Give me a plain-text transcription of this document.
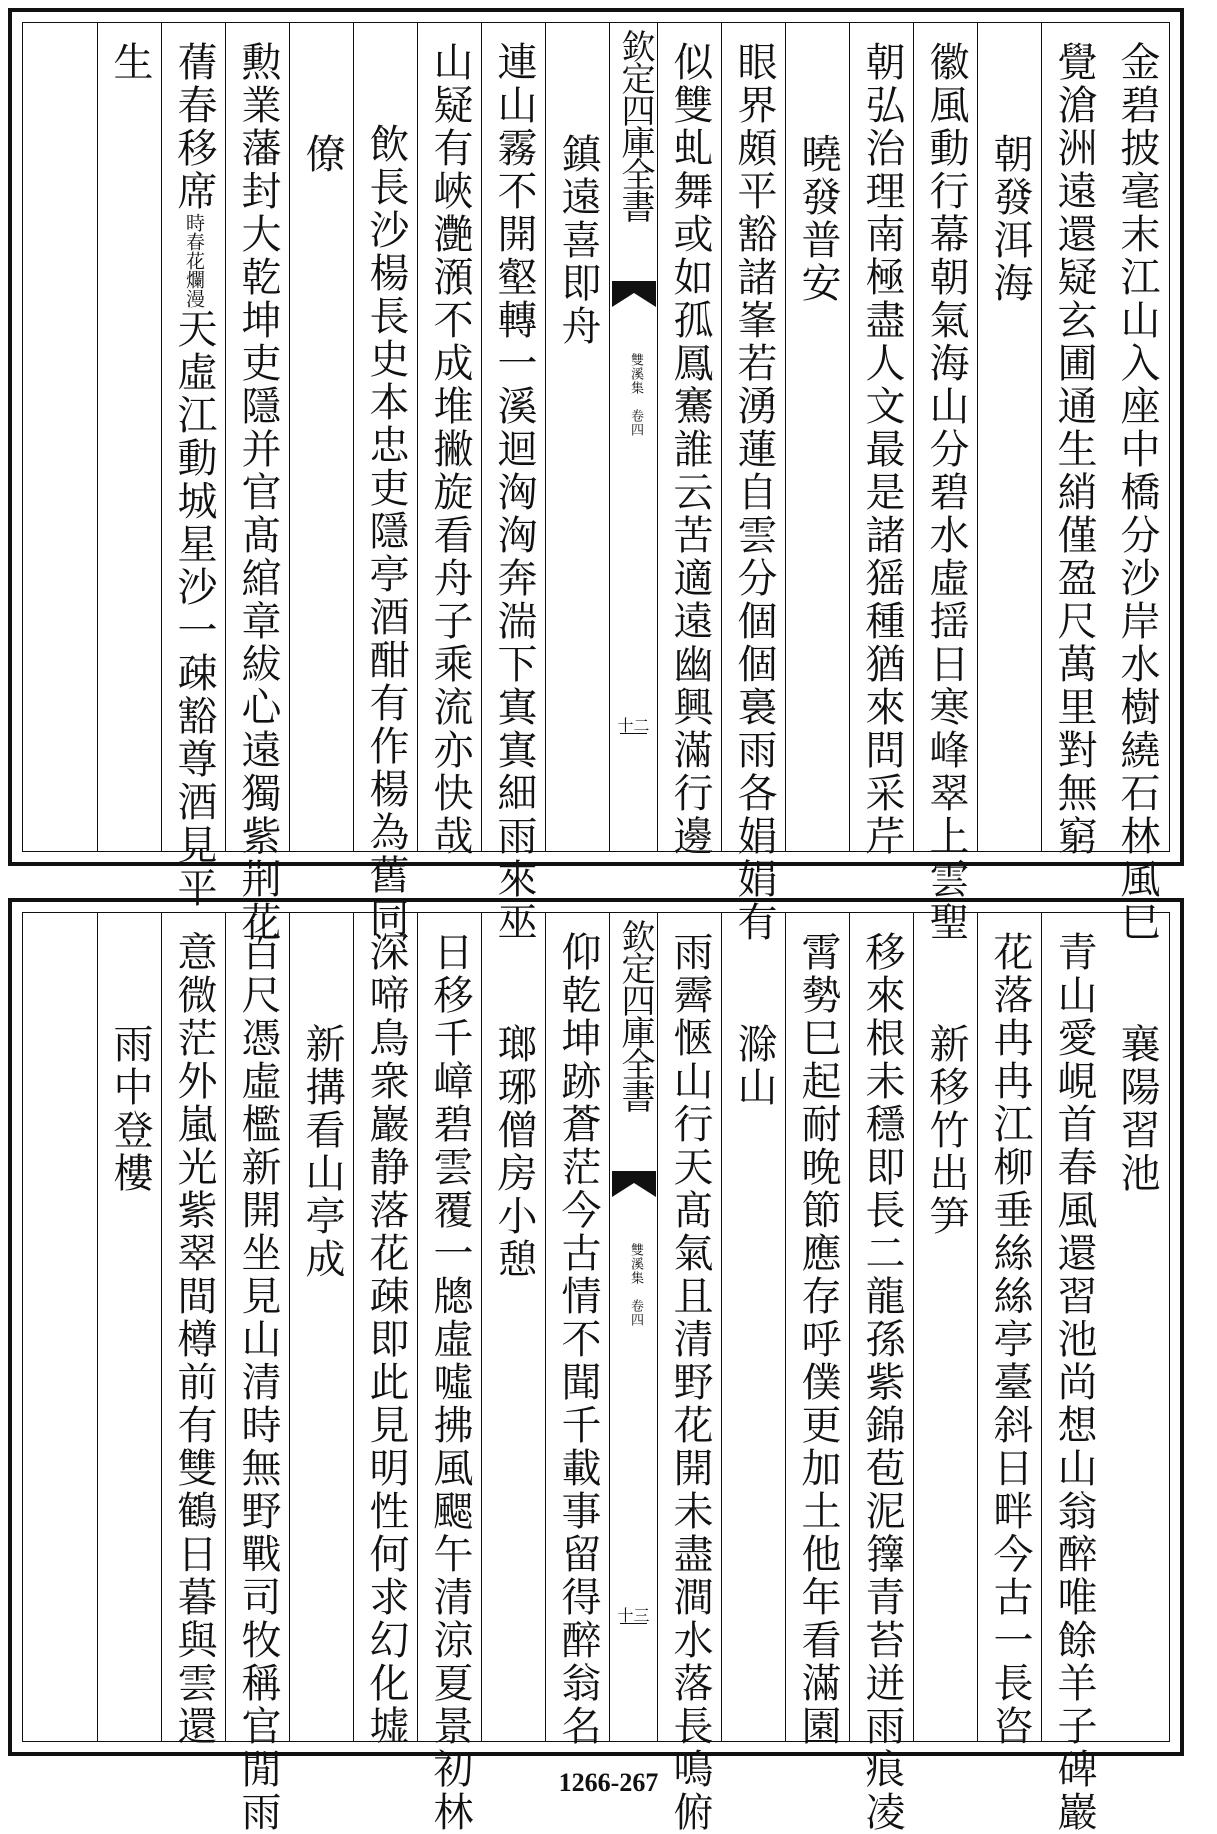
金碧披毫末江山入座中橋分沙岸水樹繞石林風巳
覺滄洲遠還疑玄圃通生綃僅盈尺萬里對無窮
朝發洱海
徽風動行幕朝氣海山分碧水虛揺日寒峰翠上雲聖
朝弘治理南極盡人文最是諸猺種猶來問采芹
曉發普安
眼界頗平豁諸峯若湧蓮自雲分個個裛雨各娟娟有
似雙虬舞或如孤鳳騫誰云苦適遠幽興滿行邊
欽定四庫全書
雙溪集　卷四
十二
鎮遠喜即舟
連山霧不開壑轉一溪迴洶洶奔湍下寘寘細雨來巫
山疑有峽灔澦不成堆撇旋看舟子乘流亦快哉
飲長沙楊長史本忠吏隱亭酒酣有作楊為舊同
僚
勲業藩封大乾坤吏隱并官髙綰章紱心遠獨紫荆花
蒨春移席時春花爛漫天虛江動城星沙一疎豁尊酒見平
生
襄陽習池
青山愛峴首春風還習池尚想山翁醉唯餘羊子碑巖
花落冉冉江柳垂絲絲亭臺斜日畔今古一長咨
新移竹出笋
移來根未穩即長二龍孫紫錦苞泥籜青苔迸雨痕凌
霄勢巳起耐晚節應存呼僕更加土他年看滿園
滁山
雨霽愜山行天髙氣且清野花開未盡澗水落長鳴俯
欽定四庫全書
雙溪集　卷四
十三
仰乾坤跡蒼茫今古情不聞千載事留得醉翁名
瑯琊僧房小憩
日移千嶂碧雲覆一牕虛噓拂風颸午清涼夏景初林
深啼鳥衆巖静落花疎即此見明性何求幻化墟
新搆看山亭成
百尺憑虛檻新開坐見山清時無野戰司牧稱官閒雨
意微茫外嵐光紫翠間樽前有雙鶴日暮與雲還
雨中登樓
1266-267
